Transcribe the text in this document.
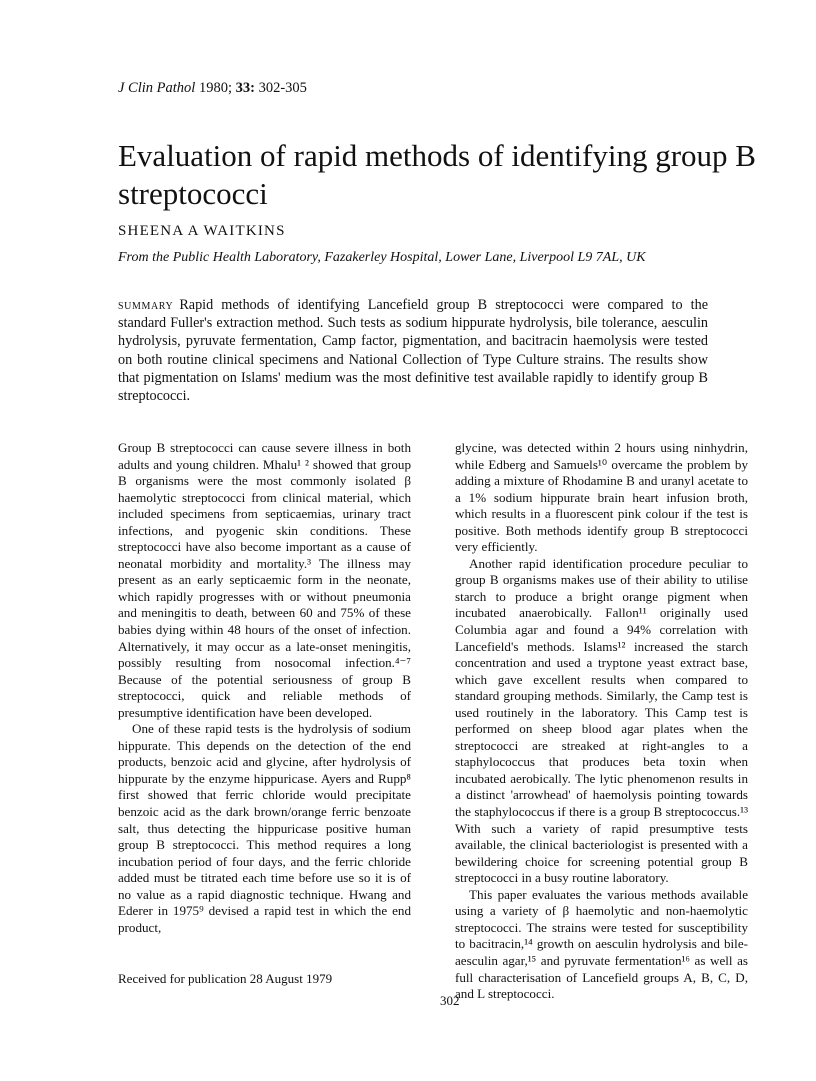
J Clin Pathol 1980; 33: 302-305
Evaluation of rapid methods of identifying group B streptococci
SHEENA A WAITKINS
From the Public Health Laboratory, Fazakerley Hospital, Lower Lane, Liverpool L9 7AL, UK
summary Rapid methods of identifying Lancefield group B streptococci were compared to the standard Fuller's extraction method. Such tests as sodium hippurate hydrolysis, bile tolerance, aesculin hydrolysis, pyruvate fermentation, Camp factor, pigmentation, and bacitracin haemolysis were tested on both routine clinical specimens and National Collection of Type Culture strains. The results show that pigmentation on Islams' medium was the most definitive test available rapidly to identify group B streptococci.

Group B streptococci can cause severe illness in both adults and young children. Mhalu¹ ² showed that group B organisms were the most commonly isolated β haemolytic streptococci from clinical material, which included specimens from septicaemias, urinary tract infections, and pyogenic skin conditions. These streptococci have also become important as a cause of neonatal morbidity and mortality.³ The illness may present as an early septicaemic form in the neonate, which rapidly progresses with or without pneumonia and meningitis to death, between 60 and 75% of these babies dying within 48 hours of the onset of infection. Alternatively, it may occur as a late-onset meningitis, possibly resulting from nosocomal infection.⁴⁻⁷ Because of the potential seriousness of group B streptococci, quick and reliable methods of presumptive identification have been developed.

One of these rapid tests is the hydrolysis of sodium hippurate. This depends on the detection of the end products, benzoic acid and glycine, after hydrolysis of hippurate by the enzyme hippuricase. Ayers and Rupp⁸ first showed that ferric chloride would precipitate benzoic acid as the dark brown/orange ferric benzoate salt, thus detecting the hippuricase positive human group B streptococci. This method requires a long incubation period of four days, and the ferric chloride added must be titrated each time before use so it is of no value as a rapid diagnostic technique. Hwang and Ederer in 1975⁹ devised a rapid test in which the end product,

glycine, was detected within 2 hours using ninhydrin, while Edberg and Samuels¹⁰ overcame the problem by adding a mixture of Rhodamine B and uranyl acetate to a 1% sodium hippurate brain heart infusion broth, which results in a fluorescent pink colour if the test is positive. Both methods identify group B streptococci very efficiently.

Another rapid identification procedure peculiar to group B organisms makes use of their ability to utilise starch to produce a bright orange pigment when incubated anaerobically. Fallon¹¹ originally used Columbia agar and found a 94% correlation with Lancefield's methods. Islams¹² increased the starch concentration and used a tryptone yeast extract base, which gave excellent results when compared to standard grouping methods. Similarly, the Camp test is used routinely in the laboratory. This Camp test is performed on sheep blood agar plates when the streptococci are streaked at right-angles to a staphylococcus that produces beta toxin when incubated aerobically. The lytic phenomenon results in a distinct 'arrowhead' of haemolysis pointing towards the staphylococcus if there is a group B streptococcus.¹³ With such a variety of rapid presumptive tests available, the clinical bacteriologist is presented with a bewildering choice for screening potential group B streptococci in a busy routine laboratory.

This paper evaluates the various methods available using a variety of β haemolytic and non-haemolytic streptococci. The strains were tested for susceptibility to bacitracin,¹⁴ growth on aesculin hydrolysis and bile-aesculin agar,¹⁵ and pyruvate fermentation¹⁶ as well as full characterisation of Lancefield groups A, B, C, D, and L streptococci.

Received for publication 28 August 1979
302
